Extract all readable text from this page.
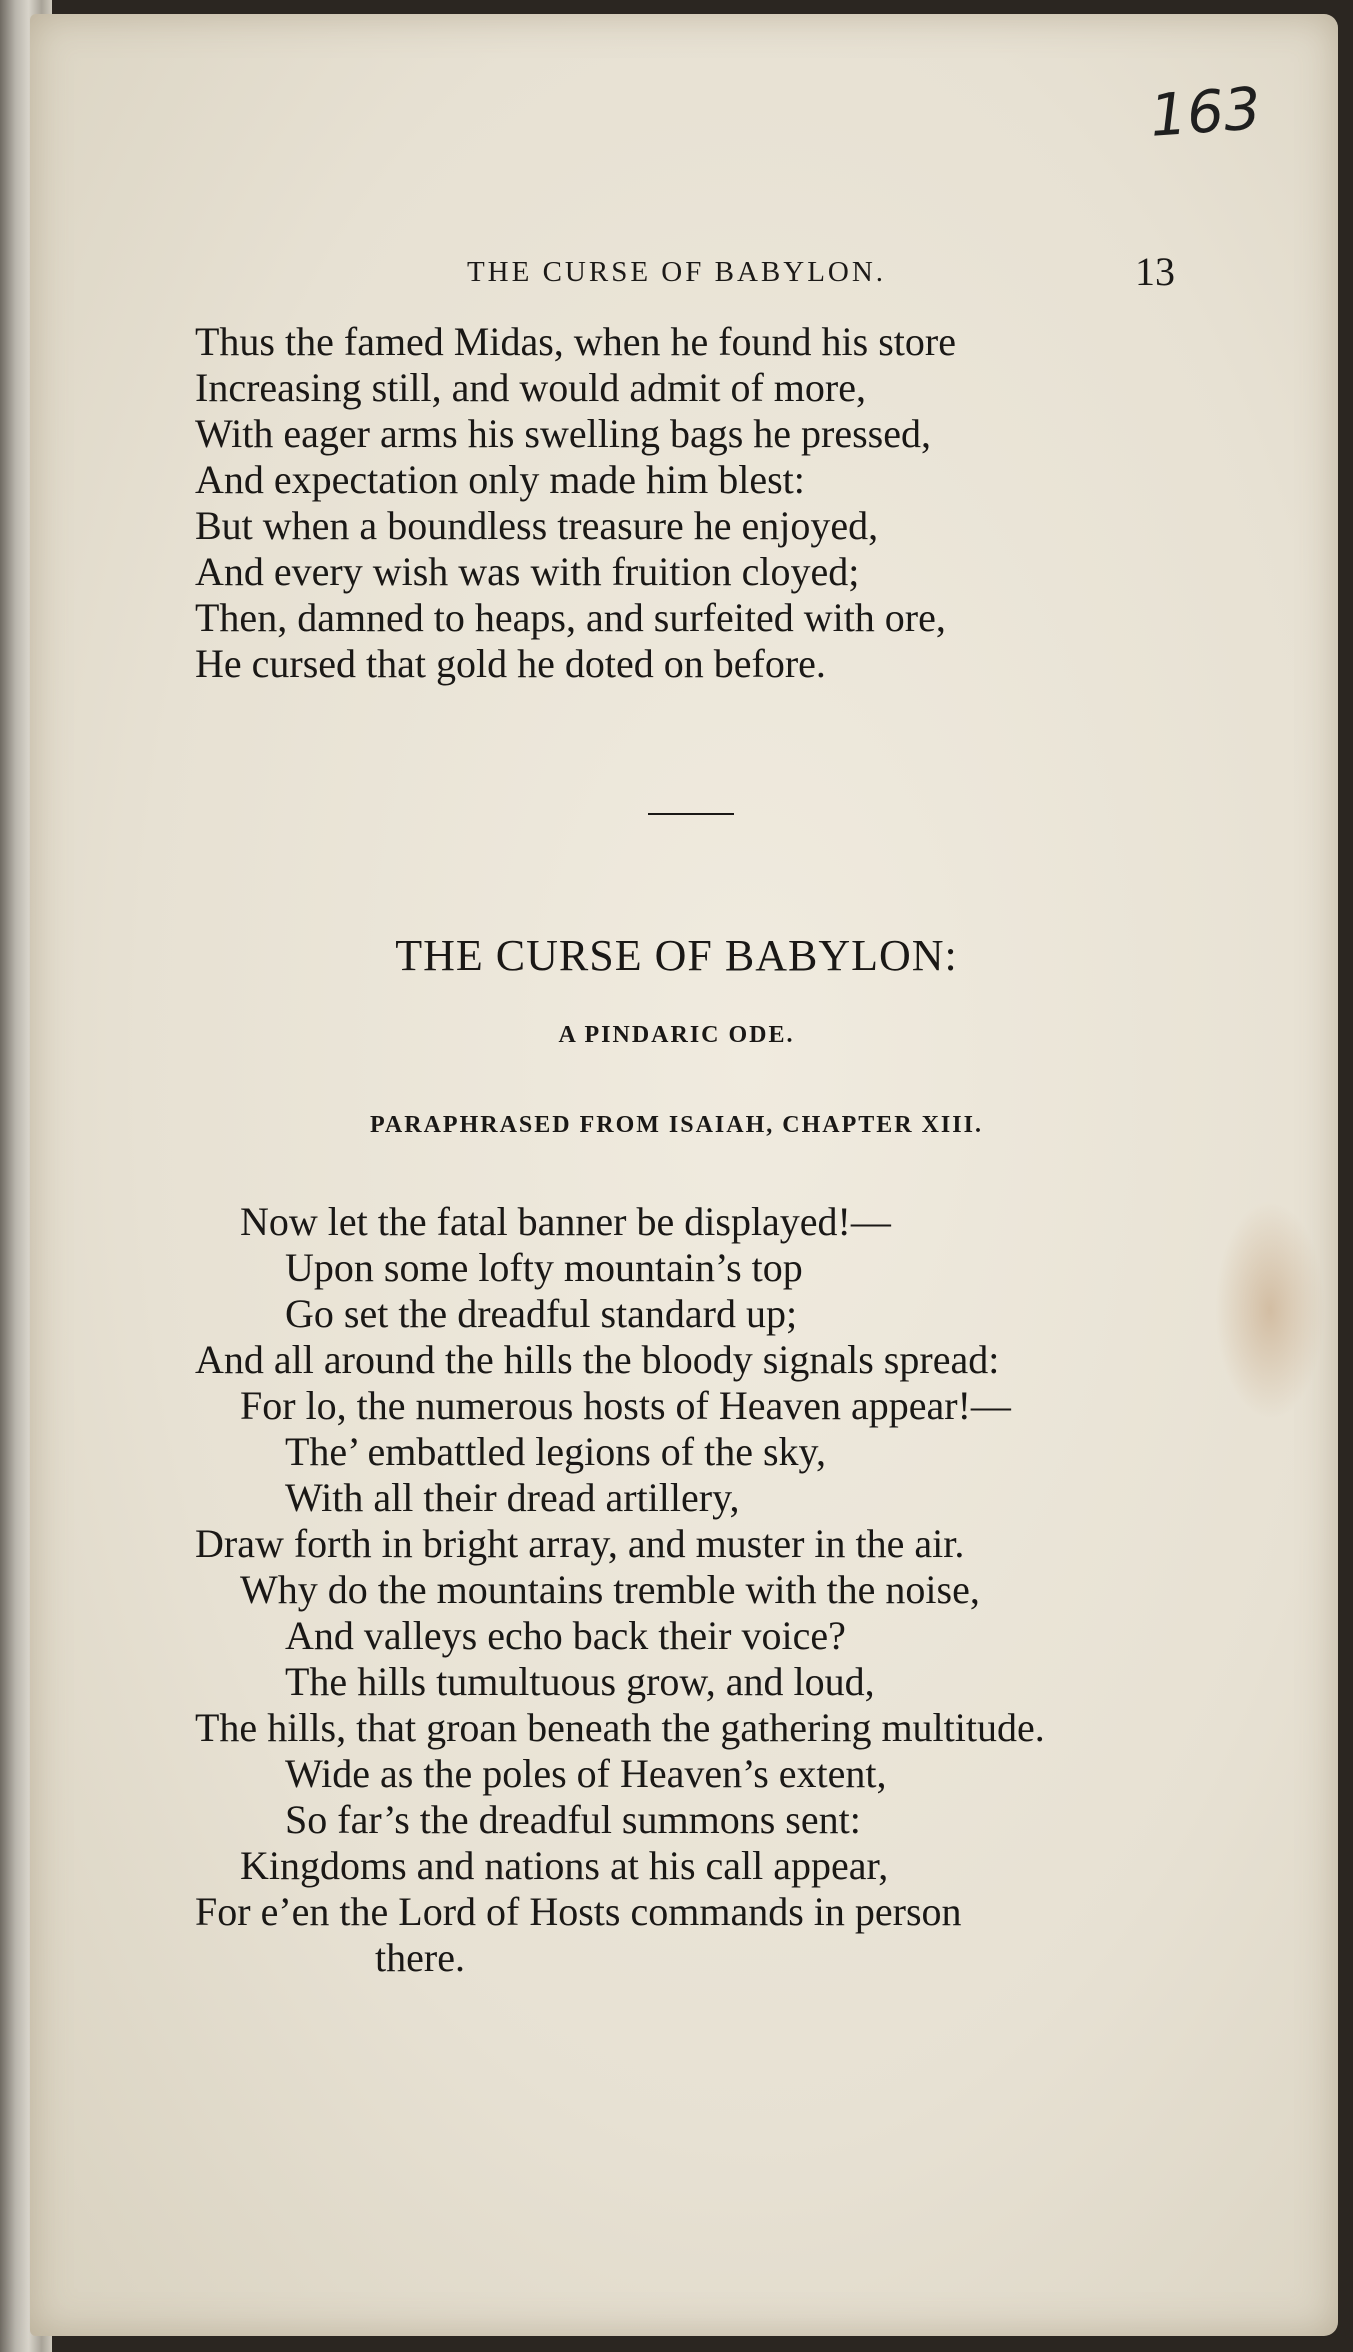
163
THE CURSE OF BABYLON.	13
Thus the famed Midas, when he found his store
Increasing still, and would admit of more,
With eager arms his swelling bags he pressed,
And expectation only made him blest:
But when a boundless treasure he enjoyed,
And every wish was with fruition cloyed;
Then, damned to heaps, and surfeited with ore,
He cursed that gold he doted on before.
THE CURSE OF BABYLON:
A PINDARIC ODE.
PARAPHRASED FROM ISAIAH, CHAPTER XIII.
Now let the fatal banner be displayed!—
Upon some lofty mountain’s top
Go set the dreadful standard up;
And all around the hills the bloody signals spread:
For lo, the numerous hosts of Heaven appear!—
The’ embattled legions of the sky,
With all their dread artillery,
Draw forth in bright array, and muster in the air.
Why do the mountains tremble with the noise,
And valleys echo back their voice?
The hills tumultuous grow, and loud,
The hills, that groan beneath the gathering multitude.
Wide as the poles of Heaven’s extent,
So far’s the dreadful summons sent:
Kingdoms and nations at his call appear,
For e’en the Lord of Hosts commands in person
there.
